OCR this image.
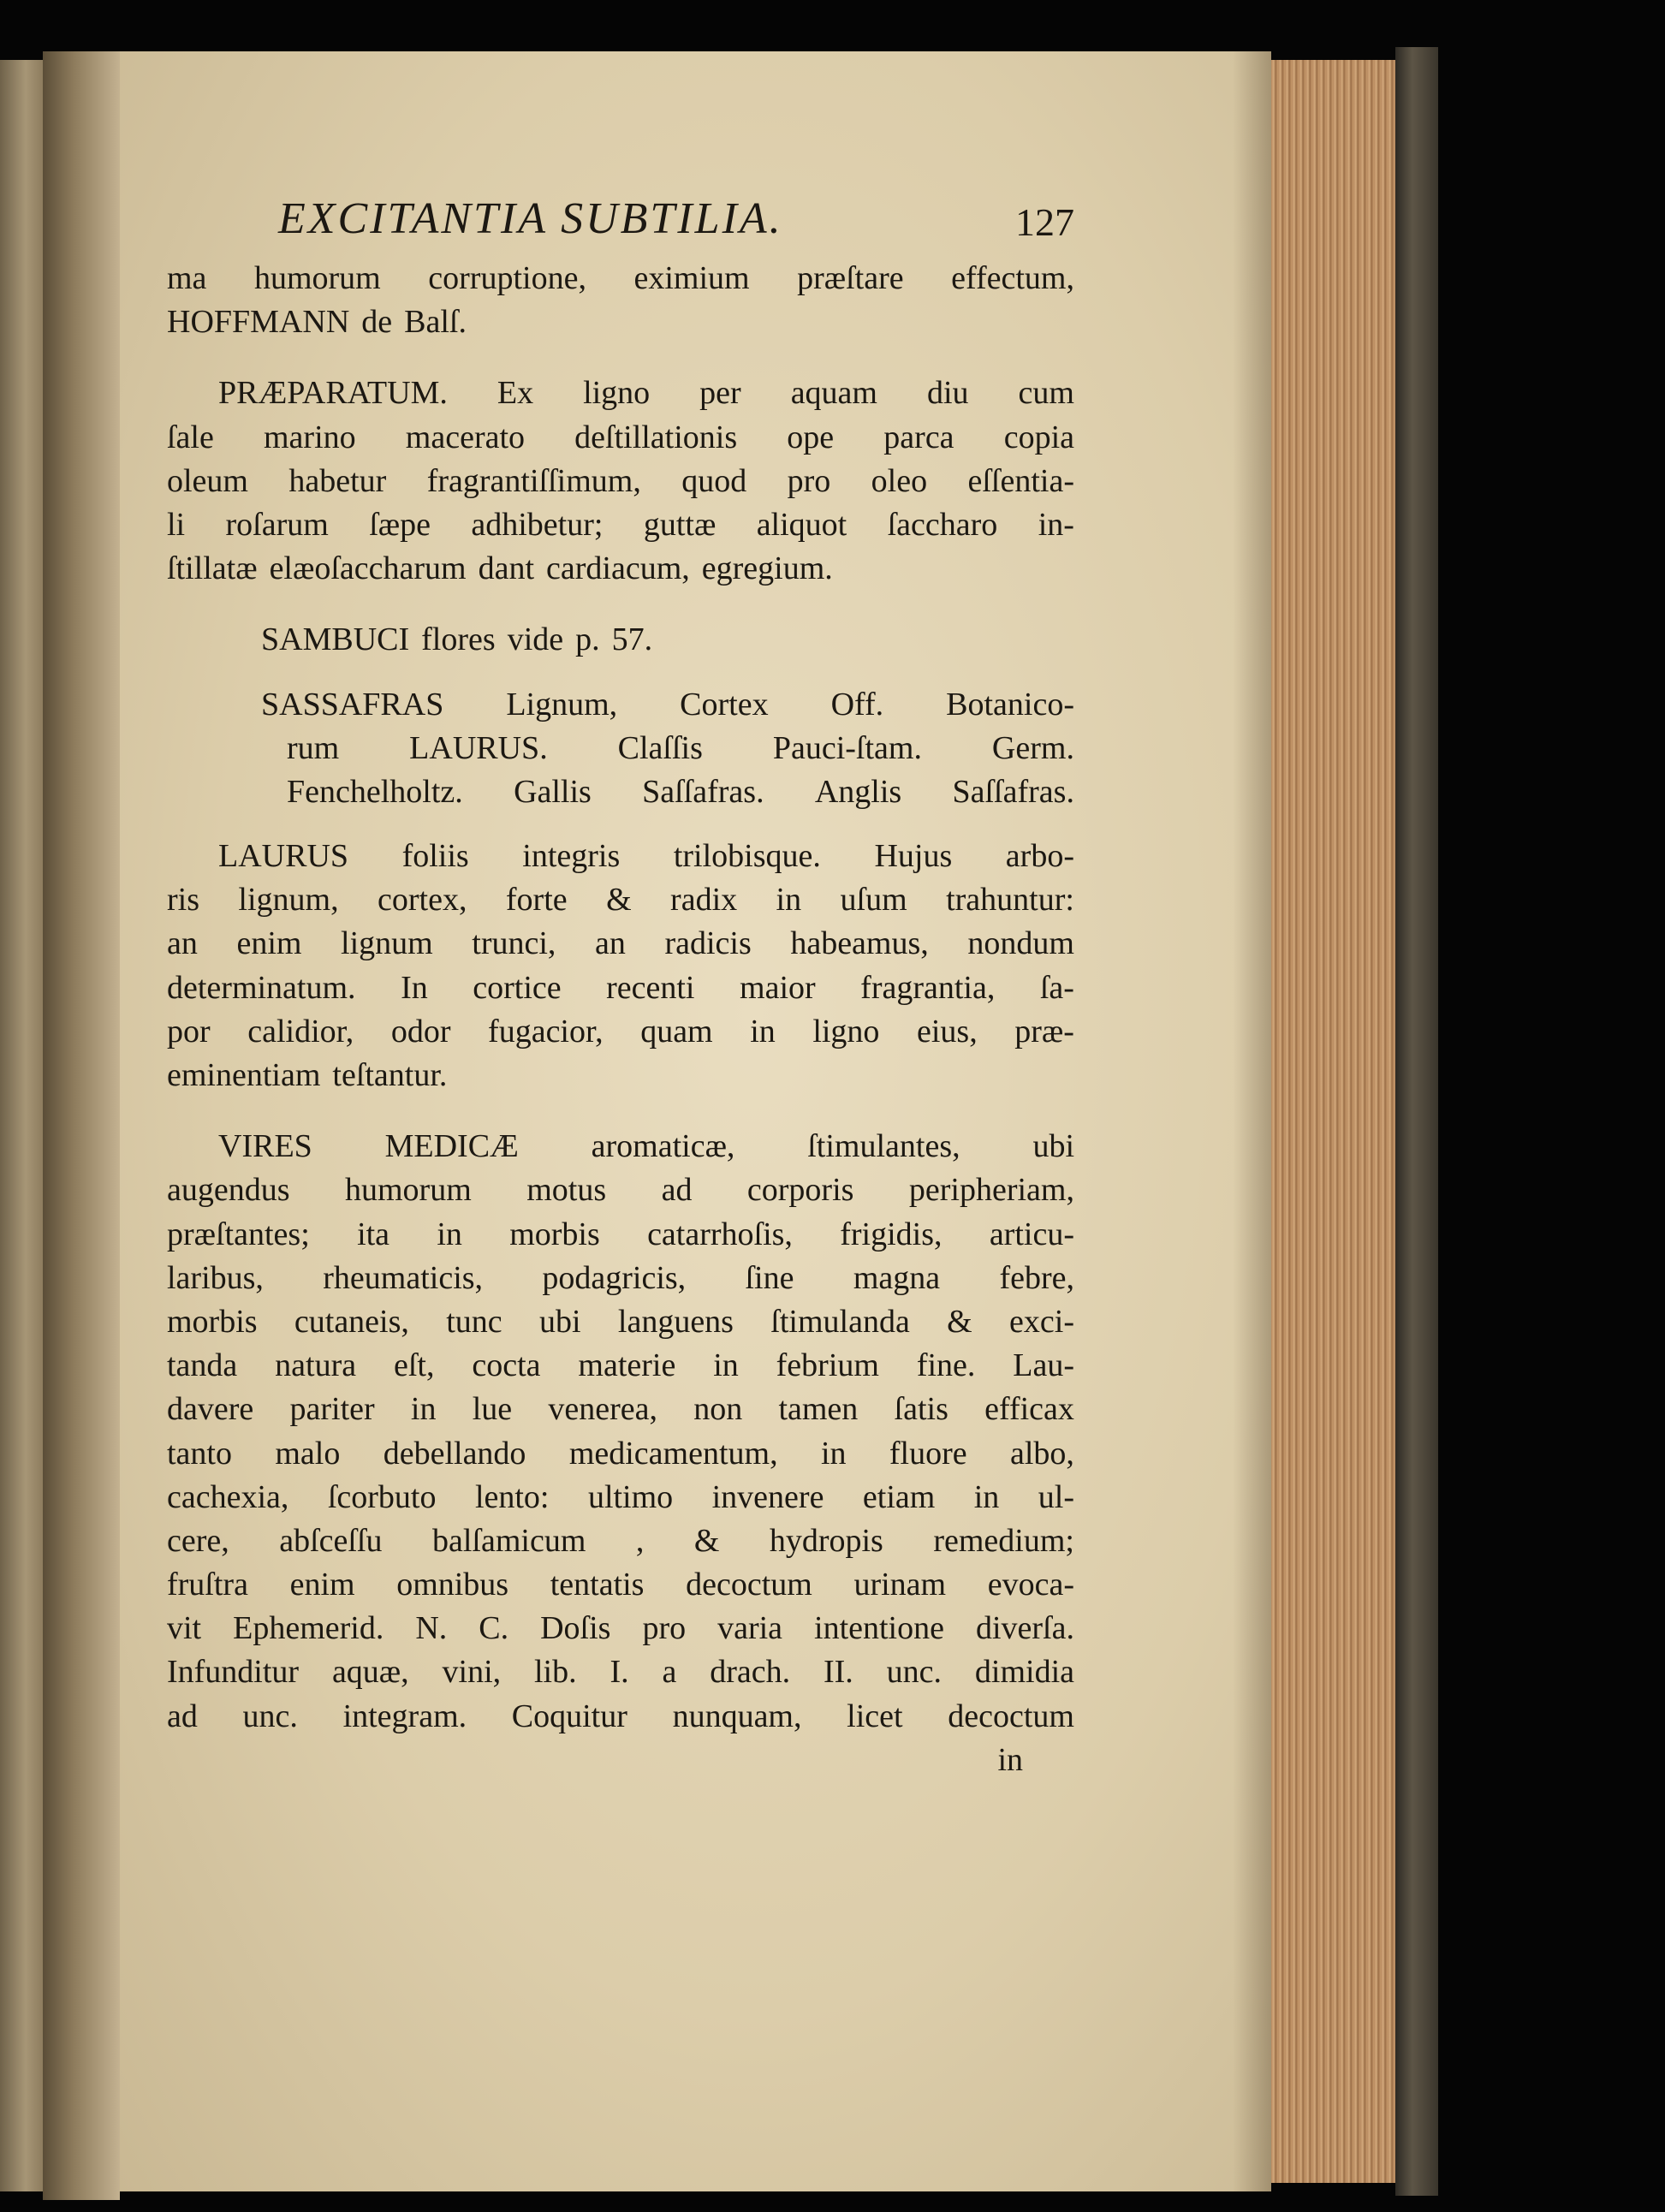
EXCITANTIA SUBTILIA.	127
ma humorum corruptione, eximium præſtare effectum,
HOFFMANN de Balſ.
PRÆPARATUM. Ex ligno per aquam diu cum
ſale marino macerato deſtillationis ope parca copia
oleum habetur fragrantiſſimum, quod pro oleo eſſentia-
li roſarum ſæpe adhibetur; guttæ aliquot ſaccharo in-
ſtillatæ elæoſaccharum dant cardiacum, egregium.
SAMBUCI flores vide p. 57.
SASSAFRAS Lignum, Cortex Off. Botanico-
rum LAURUS. Claſſis Pauci-ſtam. Germ.
Fenchelholtz. Gallis Saſſafras. Anglis Saſſafras.
LAURUS foliis integris trilobisque. Hujus arbo-
ris lignum, cortex, forte & radix in uſum trahuntur:
an enim lignum trunci, an radicis habeamus, nondum
determinatum. In cortice recenti maior fragrantia, ſa-
por calidior, odor fugacior, quam in ligno eius, præ-
eminentiam teſtantur.
VIRES MEDICÆ aromaticæ, ſtimulantes, ubi
augendus humorum motus ad corporis peripheriam,
præſtantes; ita in morbis catarrhoſis, frigidis, articu-
laribus, rheumaticis, podagricis, ſine magna febre,
morbis cutaneis, tunc ubi languens ſtimulanda & exci-
tanda natura eſt, cocta materie in febrium fine. Lau-
davere pariter in lue venerea, non tamen ſatis efficax
tanto malo debellando medicamentum, in fluore albo,
cachexia, ſcorbuto lento: ultimo invenere etiam in ul-
cere, abſceſſu balſamicum , & hydropis remedium;
fruſtra enim omnibus tentatis decoctum urinam evoca-
vit Ephemerid. N. C. Doſis pro varia intentione diverſa.
Infunditur aquæ, vini, lib. I. a drach. II. unc. dimidia
ad unc. integram. Coquitur nunquam, licet decoctum
in
